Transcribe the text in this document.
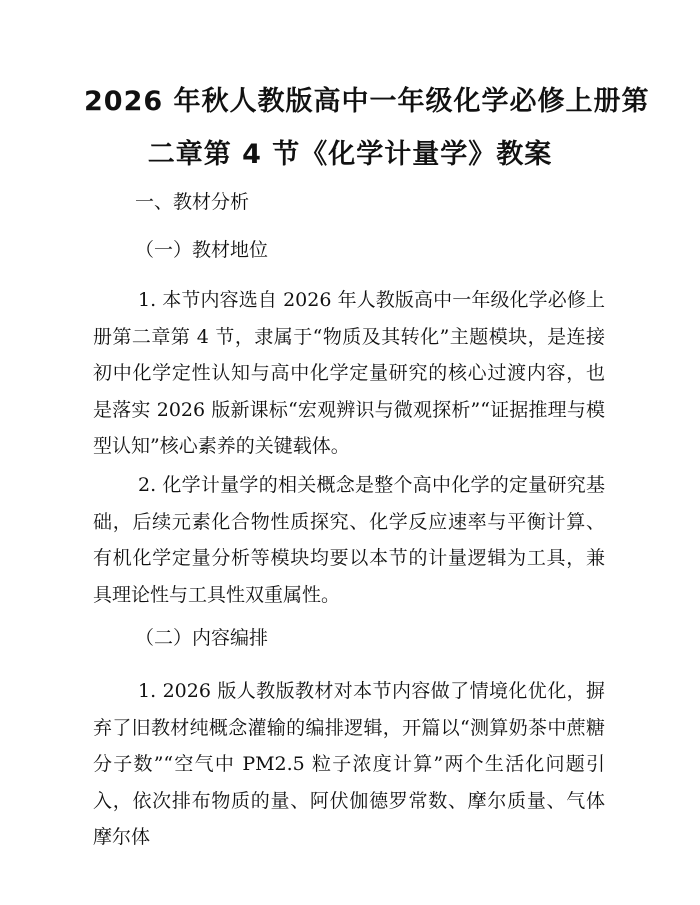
2026 年秋人教版高中一年级化学必修上册第
二章第 4 节《化学计量学》教案
一、教材分析
（一）教材地位

1. 本节内容选自 2026 年人教版高中一年级化学必修上册第二章第 4 节，隶属于“物质及其转化”主题模块，是连接初中化学定性认知与高中化学定量研究的核心过渡内容，也是落实 2026 版新课标“宏观辨识与微观探析”“证据推理与模型认知”核心素养的关键载体。

2. 化学计量学的相关概念是整个高中化学的定量研究基础，后续元素化合物性质探究、化学反应速率与平衡计算、有机化学定量分析等模块均要以本节的计量逻辑为工具，兼具理论性与工具性双重属性。

（二）内容编排

1. 2026 版人教版教材对本节内容做了情境化优化，摒弃了旧教材纯概念灌输的编排逻辑，开篇以“测算奶茶中蔗糖分子数”“空气中 PM2.5 粒子浓度计算”两个生活化问题引入，依次排布物质的量、阿伏伽德罗常数、摩尔质量、气体摩尔体
